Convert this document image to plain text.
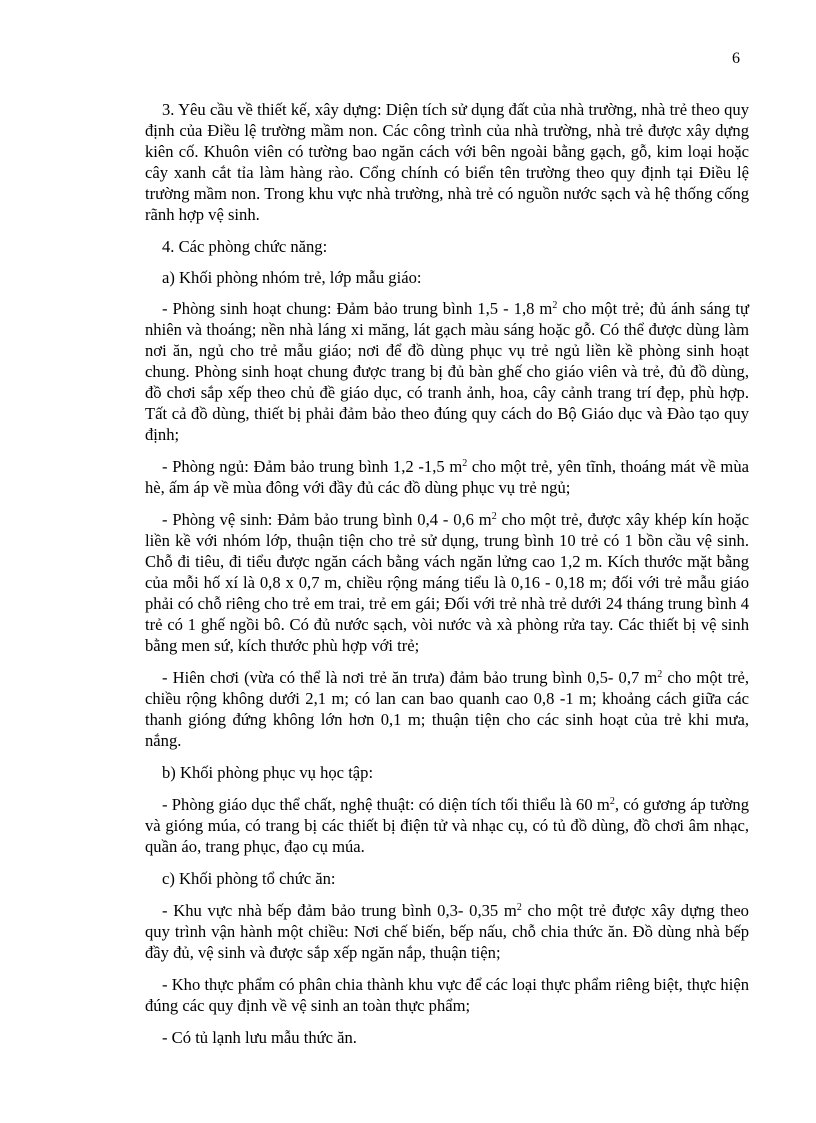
6

3. Yêu cầu về thiết kế, xây dựng: Diện tích sử dụng đất của nhà trường, nhà trẻ theo quy định của Điều lệ trường mầm non. Các công trình của nhà trường, nhà trẻ được xây dựng kiên cố. Khuôn viên có tường bao ngăn cách với bên ngoài bằng gạch, gỗ, kim loại hoặc cây xanh cắt tỉa làm hàng rào. Cổng chính có biển tên trường theo quy định tại Điều lệ trường mầm non. Trong khu vực nhà trường, nhà trẻ có nguồn nước sạch và hệ thống cống rãnh hợp vệ sinh.

4. Các phòng chức năng:

a) Khối phòng nhóm trẻ, lớp mẫu giáo:

- Phòng sinh hoạt chung: Đảm bảo trung bình 1,5 - 1,8 $m^2$ cho một trẻ; đủ ánh sáng tự nhiên và thoáng; nền nhà láng xi măng, lát gạch màu sáng hoặc gỗ. Có thể được dùng làm nơi ăn, ngủ cho trẻ mẫu giáo; nơi để đồ dùng phục vụ trẻ ngủ liền kề phòng sinh hoạt chung. Phòng sinh hoạt chung được trang bị đủ bàn ghế cho giáo viên và trẻ, đủ đồ dùng, đồ chơi sắp xếp theo chủ đề giáo dục, có tranh ảnh, hoa, cây cảnh trang trí đẹp, phù hợp. Tất cả đồ dùng, thiết bị phải đảm bảo theo đúng quy cách do Bộ Giáo dục và Đào tạo quy định;

- Phòng ngủ: Đảm bảo trung bình 1,2 -1,5 $m^2$ cho một trẻ, yên tĩnh, thoáng mát về mùa hè, ấm áp về mùa đông với đầy đủ các đồ dùng phục vụ trẻ ngủ;

- Phòng vệ sinh: Đảm bảo trung bình 0,4 - 0,6 $m^2$ cho một trẻ, được xây khép kín hoặc liền kề với nhóm lớp, thuận tiện cho trẻ sử dụng, trung bình 10 trẻ có 1 bồn cầu vệ sinh. Chỗ đi tiêu, đi tiểu được ngăn cách bằng vách ngăn lửng cao 1,2 m. Kích thước mặt bằng của mỗi hố xí là 0,8 x 0,7 m, chiều rộng máng tiểu là 0,16 - 0,18 m; đối với trẻ mẫu giáo phải có chỗ riêng cho trẻ em trai, trẻ em gái; Đối với trẻ nhà trẻ dưới 24 tháng trung bình 4 trẻ có 1 ghế ngồi bô. Có đủ nước sạch, vòi nước và xà phòng rửa tay. Các thiết bị vệ sinh bằng men sứ, kích thước phù hợp với trẻ;

- Hiên chơi (vừa có thể là nơi trẻ ăn trưa) đảm bảo trung bình 0,5- 0,7 $m^2$ cho một trẻ, chiều rộng không dưới 2,1 m; có lan can bao quanh cao 0,8 -1 m; khoảng cách giữa các thanh gióng đứng không lớn hơn 0,1 m; thuận tiện cho các sinh hoạt của trẻ khi mưa, nắng.

b) Khối phòng phục vụ học tập:

- Phòng giáo dục thể chất, nghệ thuật: có diện tích tối thiểu là 60 $m^2$, có gương áp tường và gióng múa, có trang bị các thiết bị điện tử và nhạc cụ, có tủ đồ dùng, đồ chơi âm nhạc, quần áo, trang phục, đạo cụ múa.

c) Khối phòng tổ chức ăn:

- Khu vực nhà bếp đảm bảo trung bình 0,3- 0,35 $m^2$ cho một trẻ được xây dựng theo quy trình vận hành một chiều: Nơi chế biến, bếp nấu, chỗ chia thức ăn. Đồ dùng nhà bếp đầy đủ, vệ sinh và được sắp xếp ngăn nắp, thuận tiện;

- Kho thực phẩm có phân chia thành khu vực để các loại thực phẩm riêng biệt, thực hiện đúng các quy định về vệ sinh an toàn thực phẩm;

- Có tủ lạnh lưu mẫu thức ăn.
